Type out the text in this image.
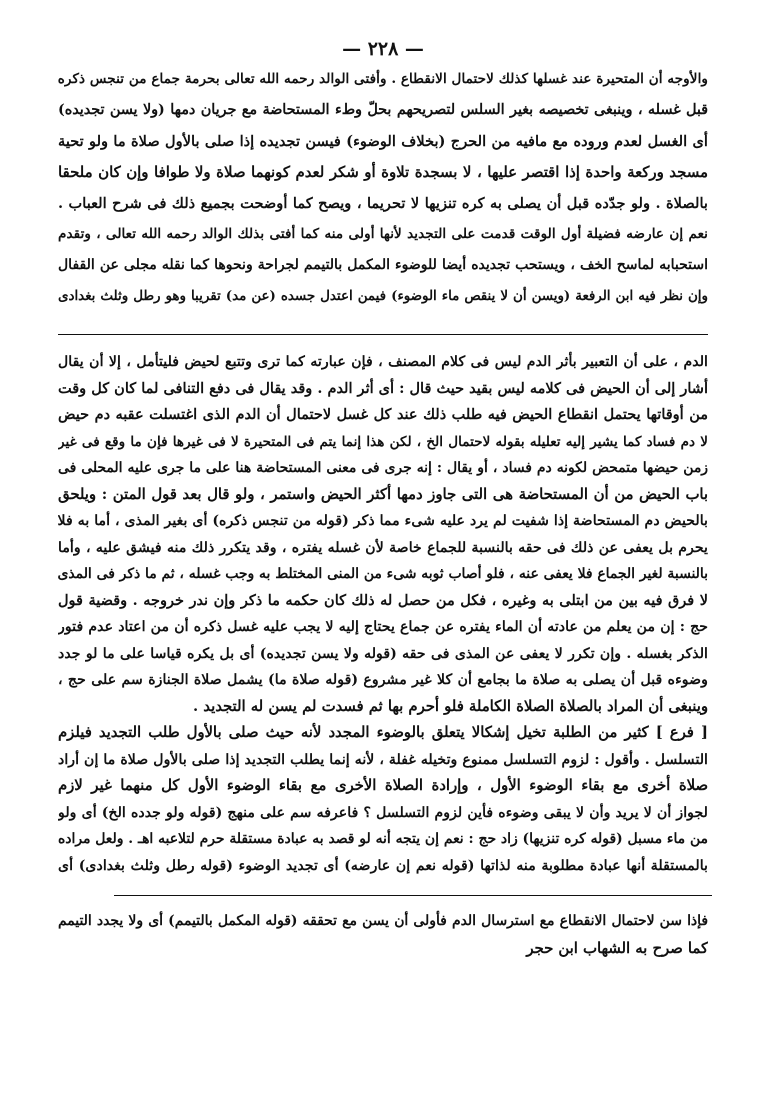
— ٢٢٨ —
والأوجه أن المتحيرة عند غسلها كذلك لاحتمال الانقطاع . وأفتى الوالد رحمه الله تعالى بحرمة جماع من تنجس ذكره
قبل غسله ، وينبغى تخصيصه بغير السلس لتصريحهم بحلّ وطء المستحاضة مع جريان دمها (ولا يسن تجديده)
أى الغسل لعدم وروده مع مافيه من الحرج (بخلاف الوضوء) فيسن تجديده إذا صلى بالأول صلاة ما ولو تحية
مسجد وركعة واحدة إذا اقتصر عليها ، لا بسجدة تلاوة أو شكر لعدم كونهما صلاة ولا طوافا وإن كان ملحقا
بالصلاة . ولو جدّده قبل أن يصلى به كره تنزيها لا تحريما ، ويصح كما أوضحت بجميع ذلك فى شرح العباب .
نعم إن عارضه فضيلة أول الوقت قدمت على التجديد لأنها أولى منه كما أفتى بذلك الوالد رحمه الله تعالى ، وتقدم
استحبابه لماسح الخف ، ويستحب تجديده أيضا للوضوء المكمل بالتيمم لجراحة ونحوها كما نقله مجلى عن القفال
وإن نظر فيه ابن الرفعة (ويسن أن لا ينقص ماء الوضوء) فيمن اعتدل جسده (عن مد) تقريبا وهو رطل وثلث بغدادى
الدم ، على أن التعبير بأثر الدم ليس فى كلام المصنف ، فإن عبارته كما ترى وتتبع لحيض فليتأمل ، إلا أن يقال
أشار إلى أن الحيض فى كلامه ليس بقيد حيث قال : أى أثر الدم . وقد يقال فى دفع التنافى لما كان كل وقت
من أوقاتها يحتمل انقطاع الحيض فيه طلب ذلك عند كل غسل لاحتمال أن الدم الذى اغتسلت عقبه دم حيض
لا دم فساد كما يشير إليه تعليله بقوله لاحتمال الخ ، لكن هذا إنما يتم فى المتحيرة لا فى غيرها فإن ما وقع فى غير
زمن حيضها متمحض لكونه دم فساد ، أو يقال : إنه جرى فى معنى المستحاضة هنا على ما جرى عليه المحلى فى
باب الحيض من أن المستحاضة هى التى جاوز دمها أكثر الحيض واستمر ، ولو قال بعد قول المتن : ويلحق
بالحيض دم المستحاضة إذا شفيت لم يرد عليه شىء مما ذكر (قوله من تنجس ذكره) أى بغير المذى ، أما به فلا
يحرم بل يعفى عن ذلك فى حقه بالنسبة للجماع خاصة لأن غسله يفتره ، وقد يتكرر ذلك منه فيشق عليه ، وأما
بالنسبة لغير الجماع فلا يعفى عنه ، فلو أصاب ثوبه شىء من المنى المختلط به وجب غسله ، ثم ما ذكر فى المذى
لا فرق فيه بين من ابتلى به وغيره ، فكل من حصل له ذلك كان حكمه ما ذكر وإن ندر خروجه . وقضية قول
حج : إن من يعلم من عادته أن الماء يفتره عن جماع يحتاج إليه لا يجب عليه غسل ذكره أن من اعتاد عدم فتور
الذكر بغسله . وإن تكرر لا يعفى عن المذى فى حقه (قوله ولا يسن تجديده) أى بل يكره قياسا على ما لو جدد
وضوءه قبل أن يصلى به صلاة ما بجامع أن كلا غير مشروع (قوله صلاة ما) يشمل صلاة الجنازة سم على حج ،
وينبغى أن المراد بالصلاة الصلاة الكاملة فلو أحرم بها ثم فسدت لم يسن له التجديد .
[ فرع ] كثير من الطلبة تخيل إشكالا يتعلق بالوضوء المجدد لأنه حيث صلى بالأول طلب التجديد فيلزم
التسلسل . وأقول : لزوم التسلسل ممنوع وتخيله غفلة ، لأنه إنما يطلب التجديد إذا صلى بالأول صلاة ما إن أراد
صلاة أخرى مع بقاء الوضوء الأول ، وإرادة الصلاة الأخرى مع بقاء الوضوء الأول كل منهما غير لازم
لجواز أن لا يريد وأن لا يبقى وضوءه فأين لزوم التسلسل ؟ فاعرفه سم على منهج (قوله ولو جدده الخ) أى ولو
من ماء مسبل (قوله كره تنزيها) زاد حج : نعم إن يتجه أنه لو قصد به عبادة مستقلة حرم لتلاعبه اهـ . ولعل مراده
بالمستقلة أنها عبادة مطلوبة منه لذاتها (قوله نعم إن عارضه) أى تجديد الوضوء (قوله رطل وثلث بغدادى) أى
فإذا سن لاحتمال الانقطاع مع استرسال الدم فأولى أن يسن مع تحققه (قوله المكمل بالتيمم) أى ولا يجدد التيمم
كما صرح به الشهاب ابن حجر
